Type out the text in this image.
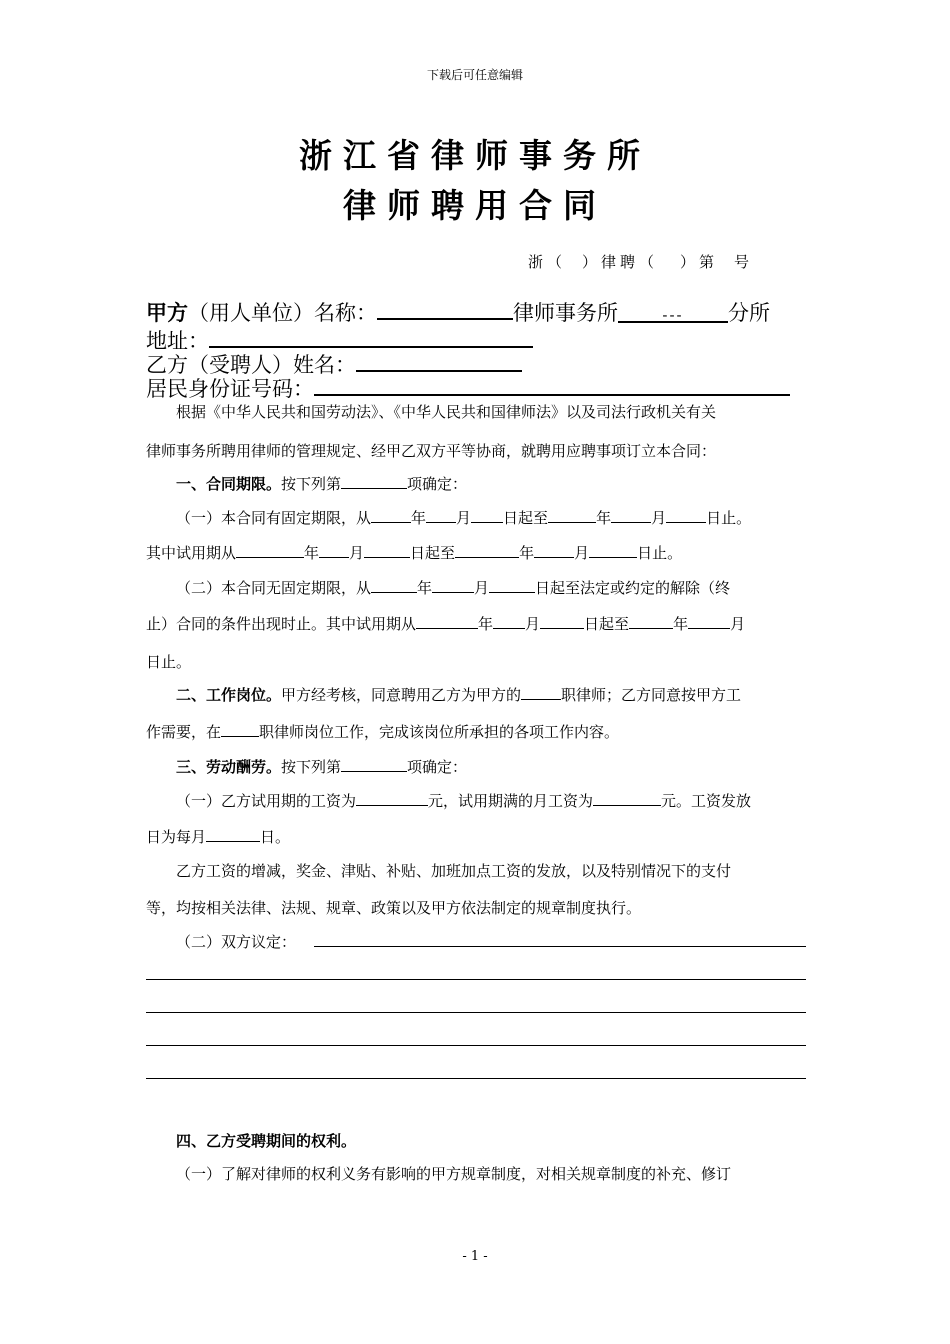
下载后可任意编辑
浙江省律师事务所
律师聘用合同
浙（ ）律聘（ ）第 号
甲方（用人单位）名称：	律师事务所	--- 分所
地址：
乙方（受聘人）姓名：
居民身份证号码：
根据《中华人民共和国劳动法》、《中华人民共和国律师法》以及司法行政机关有关
律师事务所聘用律师的管理规定、经甲乙双方平等协商，就聘用应聘事项订立本合同：
一、合同期限。按下列第	项确定：
（一）本合同有固定期限，从	年 月 日起至	年	月	日止。
其中试用期从	年 月	日起至	年	月	日止。
（二）本合同无固定期限，从	年	月	日起至法定或约定的解除（终
止）合同的条件出现时止。其中试用期从	年 月	日起至	年	月
日止。
二、工作岗位。甲方经考核，同意聘用乙方为甲方的	职律师；乙方同意按甲方工
作需要，在	职律师岗位工作，完成该岗位所承担的各项工作内容。
三、劳动酬劳。按下列第	项确定：
（一）乙方试用期的工资为	元，试用期满的月工资为	元。工资发放
日为每月	日。
乙方工资的增减，奖金、津贴、补贴、加班加点工资的发放，以及特别情况下的支付
等，均按相关法律、法规、规章、政策以及甲方依法制定的规章制度执行。
（二）双方议定：
四、乙方受聘期间的权利。
（一）了解对律师的权利义务有影响的甲方规章制度，对相关规章制度的补充、修订
- 1 -
